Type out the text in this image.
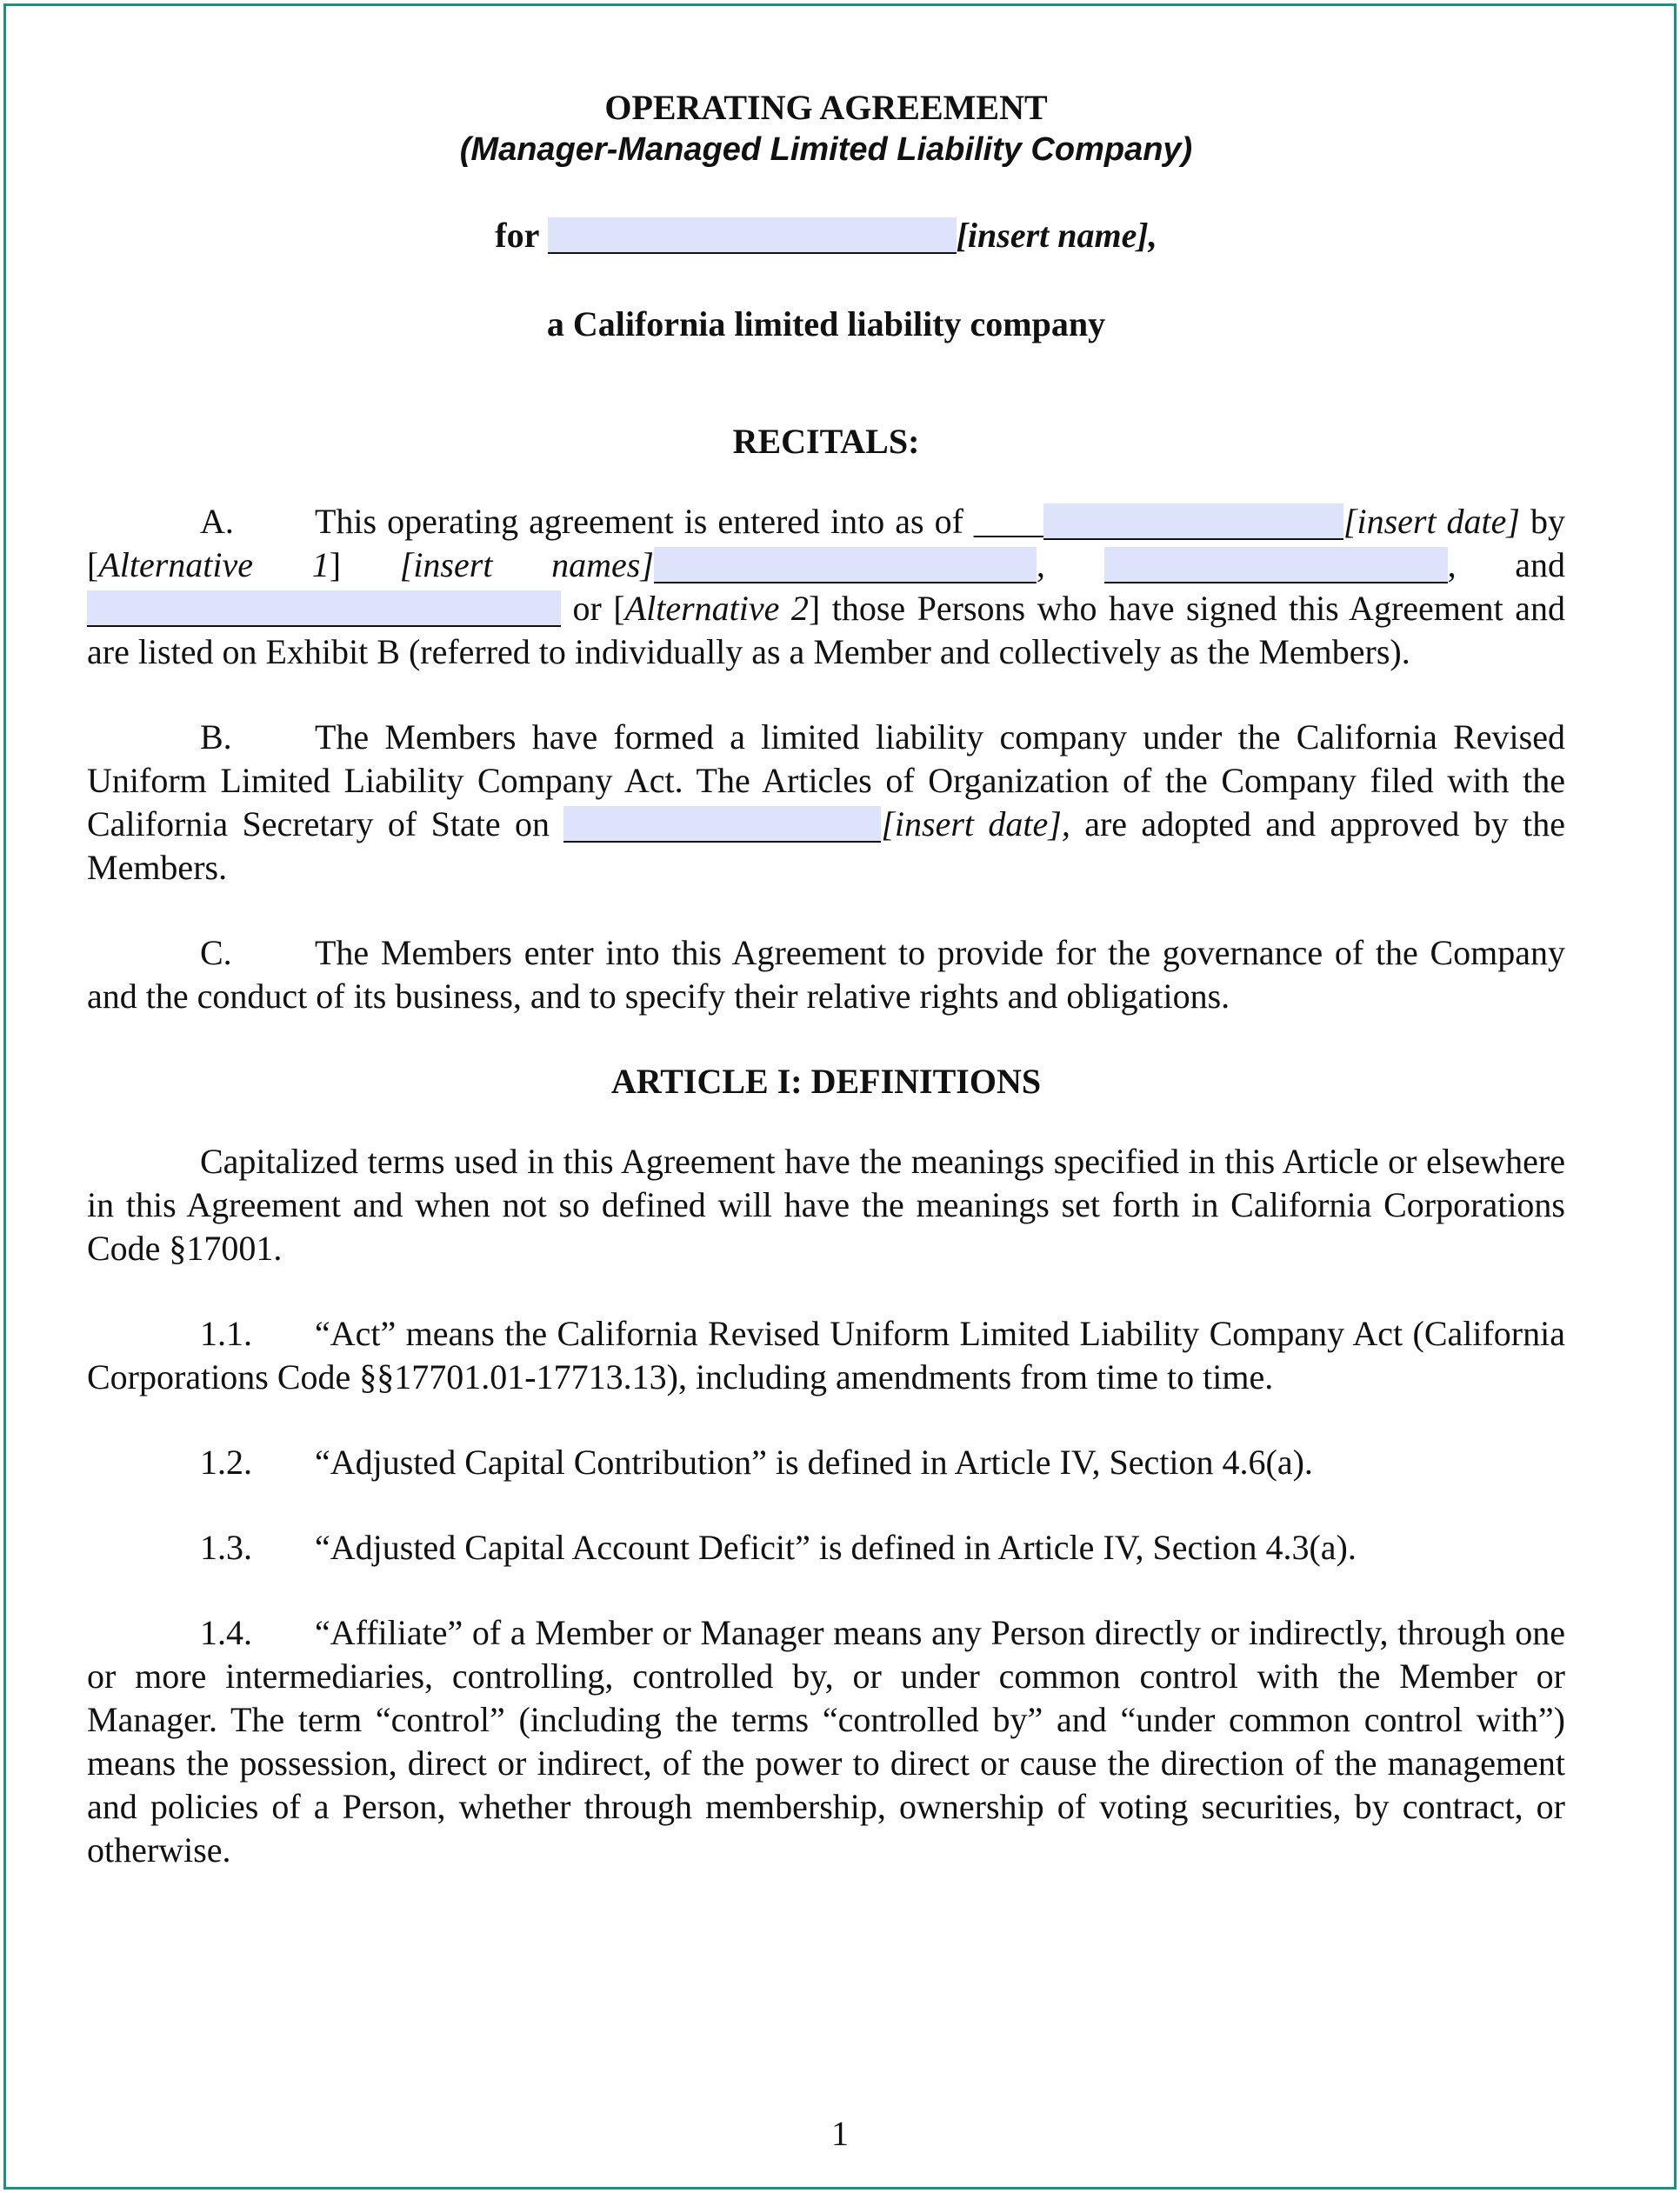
OPERATING AGREEMENT
(Manager-Managed Limited Liability Company)
for	[insert name],
a California limited liability company
RECITALS:
A. This operating agreement is entered into as of ____	[insert date] by [Alternative 1] [insert names]	,	, and  or [Alternative 2] those Persons who have signed this Agreement and are listed on Exhibit B (referred to individually as a Member and collectively as the Members).
B. The Members have formed a limited liability company under the California Revised Uniform Limited Liability Company Act. The Articles of Organization of the Company filed with the California Secretary of State on	[insert date], are adopted and approved by the Members.
C. The Members enter into this Agreement to provide for the governance of the Company and the conduct of its business, and to specify their relative rights and obligations.
ARTICLE I: DEFINITIONS
Capitalized terms used in this Agreement have the meanings specified in this Article or elsewhere in this Agreement and when not so defined will have the meanings set forth in California Corporations Code §17001.
1.1. “Act” means the California Revised Uniform Limited Liability Company Act (California Corporations Code §§17701.01-17713.13), including amendments from time to time.
1.2. “Adjusted Capital Contribution” is defined in Article IV, Section 4.6(a).
1.3. “Adjusted Capital Account Deficit” is defined in Article IV, Section 4.3(a).
1.4. “Affiliate” of a Member or Manager means any Person directly or indirectly, through one or more intermediaries, controlling, controlled by, or under common control with the Member or Manager. The term “control” (including the terms “controlled by” and “under common control with”) means the possession, direct or indirect, of the power to direct or cause the direction of the management and policies of a Person, whether through membership, ownership of voting securities, by contract, or otherwise.
1
